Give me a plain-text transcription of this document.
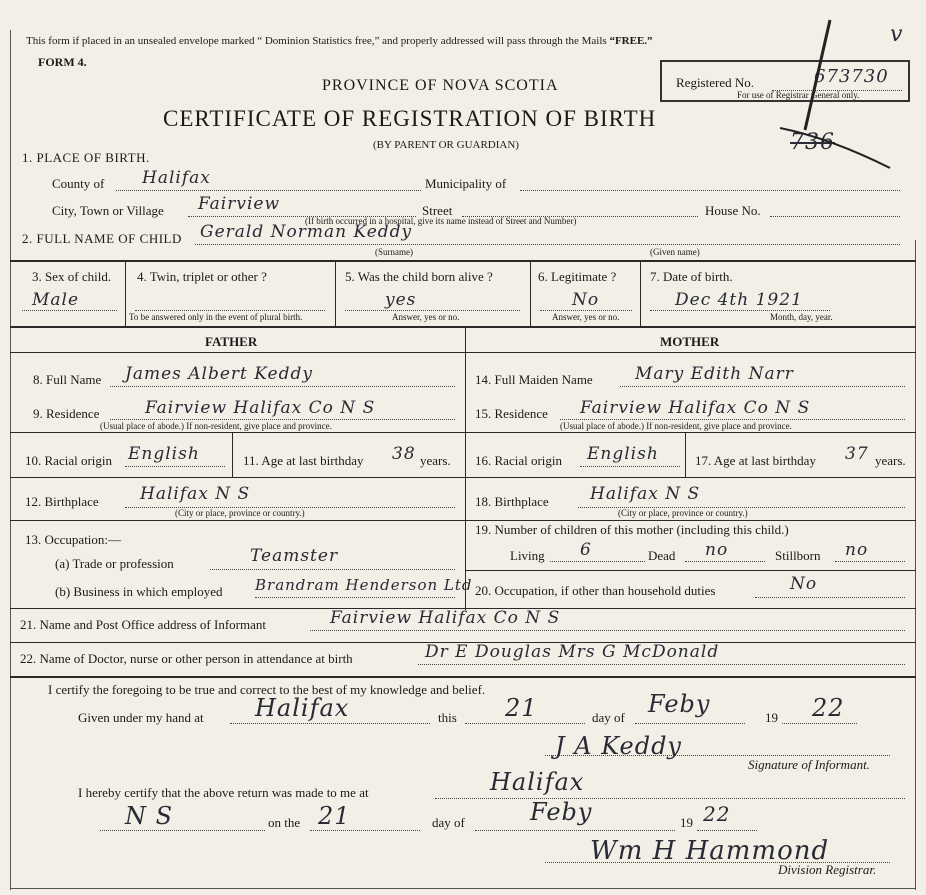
This form if placed in an unsealed envelope marked “ Dominion Statistics free,” and properly addressed will pass through the Mails “FREE.”
FORM 4.
PROVINCE OF NOVA SCOTIA
CERTIFICATE OF REGISTRATION OF BIRTH
(BY PARENT OR GUARDIAN)
Registered No.	673730
For use of Registrar General only.
v
736
1. PLACE OF BIRTH.
County of Halifax	Municipality of
City, Town or Village Fairview	Street
(If birth occurred in a hospital, give its name instead of Street and Number)
House No.
2. FULL NAME OF CHILD Gerald Norman Keddy
(Surname)	(Given name)
3. Sex of child.
Male
4. Twin, triplet or other ?
To be answered only in the event of plural birth.
5. Was the child born alive ?
yes
Answer, yes or no.
6. Legitimate ?
No
Answer, yes or no.
7. Date of birth.
Dec 4th 1921
Month, day, year.
FATHER	MOTHER
8. Full Name James Albert Keddy
9. Residence	Fairview Halifax Co N S
(Usual place of abode.) If non-resident, give place and province.
10. Racial origin English	11. Age at last birthday 38 years.
12. Birthplace Halifax N S
(City or place, province or country.)
13. Occupation:—
(a) Trade or profession	Teamster
(b) Business in which employed Brandram Henderson Ltd
14. Full Maiden Name Mary Edith Narr
15. Residence Fairview Halifax Co N S
(Usual place of abode.) If non-resident, give place and province.
16. Racial origin English	17. Age at last birthday 37 years.
18. Birthplace Halifax N S
(City or place, province or country.)
19. Number of children of this mother (including this child.)
Living 6	Dead no	Stillborn no
20. Occupation, if other than household duties	No
21. Name and Post Office address of Informant	Fairview Halifax Co N S
22. Name of Doctor, nurse or other person in attendance at birth	Dr E Douglas Mrs G McDonald
I certify the foregoing to be true and correct to the best of my knowledge and belief.
Given under my hand at Halifax	this 21	day of Feby	19 22
J A Keddy
Signature of Informant.
I hereby certify that the above return was made to me at	Halifax
N S	on the 21	day of	Feby	19 22
Wm H Hammond
Division Registrar.
